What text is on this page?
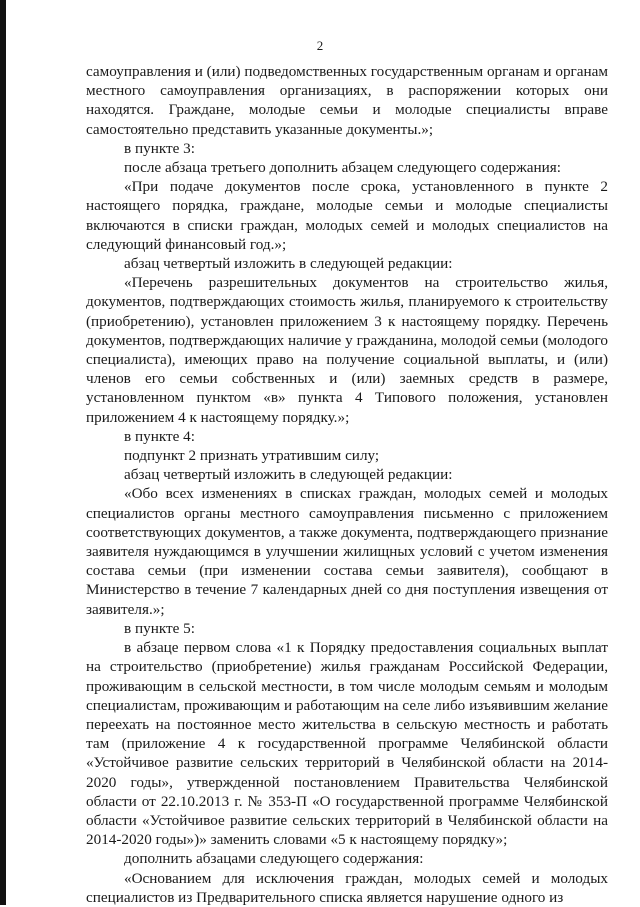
2

самоуправления и (или) подведомственных государственным органам и органам местного самоуправления организациях, в распоряжении которых они находятся. Граждане, молодые семьи и молодые специалисты вправе самостоятельно представить указанные документы.»;

в пункте 3:

после абзаца третьего дополнить абзацем следующего содержания:

«При подаче документов после срока, установленного в пункте 2 настоящего порядка, граждане, молодые семьи и молодые специалисты включаются в списки граждан, молодых семей и молодых специалистов на следующий финансовый год.»;

абзац четвертый изложить в следующей редакции:

«Перечень разрешительных документов на строительство жилья, документов, подтверждающих стоимость жилья, планируемого к строительству (приобретению), установлен приложением 3 к настоящему порядку. Перечень документов, подтверждающих наличие у гражданина, молодой семьи (молодого специалиста), имеющих право на получение социальной выплаты, и (или) членов его семьи собственных и (или) заемных средств в размере, установленном пунктом «в» пункта 4 Типового положения, установлен приложением 4 к настоящему порядку.»;

в пункте 4:

подпункт 2 признать утратившим силу;

абзац четвертый изложить в следующей редакции:

«Обо всех изменениях в списках граждан, молодых семей и молодых специалистов органы местного самоуправления письменно с приложением соответствующих документов, а также документа, подтверждающего признание заявителя нуждающимся в улучшении жилищных условий с учетом изменения состава семьи (при изменении состава семьи заявителя), сообщают в Министерство в течение 7 календарных дней со дня поступления извещения от заявителя.»;

в пункте 5:

в абзаце первом слова «1 к Порядку предоставления социальных выплат на строительство (приобретение) жилья гражданам Российской Федерации, проживающим в сельской местности, в том числе молодым семьям и молодым специалистам, проживающим и работающим на селе либо изъявившим желание переехать на постоянное место жительства в сельскую местность и работать там (приложение 4 к государственной программе Челябинской области «Устойчивое развитие сельских территорий в Челябинской области на 2014-2020 годы», утвержденной постановлением Правительства Челябинской области от 22.10.2013 г. № 353-П «О государственной программе Челябинской области «Устойчивое развитие сельских территорий в Челябинской области на 2014-2020 годы»)» заменить словами «5 к настоящему порядку»;

дополнить абзацами следующего содержания:

«Основанием для исключения граждан, молодых семей и молодых специалистов из Предварительного списка является нарушение одного из
